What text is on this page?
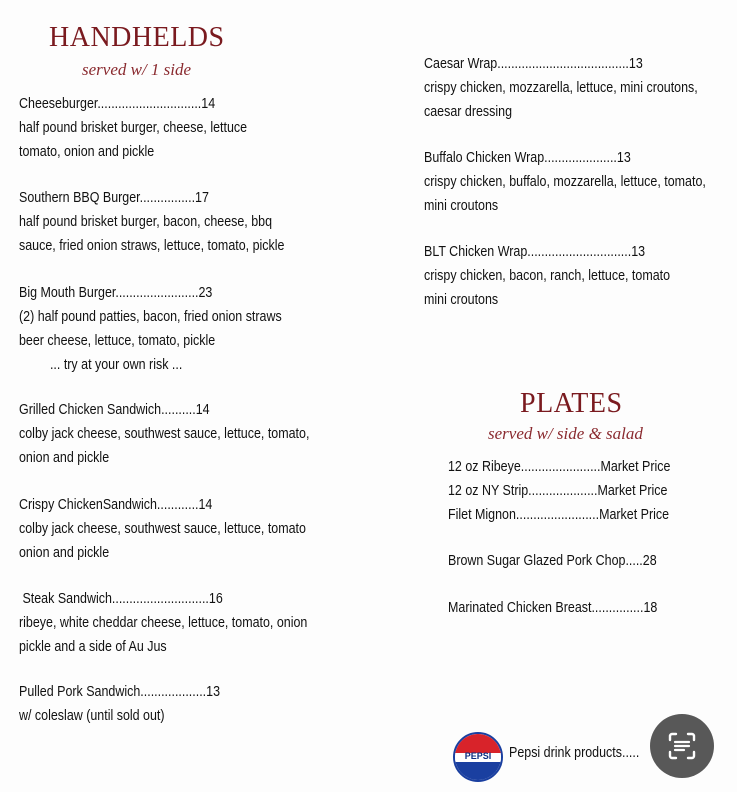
HANDHELDS
served w/ 1 side
Cheeseburger..............................14
half pound brisket burger, cheese, lettuce
tomato, onion and pickle
Southern BBQ Burger................17
half pound brisket burger, bacon, cheese, bbq
sauce, fried onion straws, lettuce, tomato, pickle
Big Mouth Burger........................23
(2) half pound patties, bacon, fried onion straws
beer cheese, lettuce, tomato, pickle
... try at your own risk ...
Grilled Chicken Sandwich..........14
colby jack cheese, southwest sauce, lettuce, tomato,
onion and pickle
Crispy ChickenSandwich............14
colby jack cheese, southwest sauce, lettuce, tomato
onion and pickle
Steak Sandwich............................16
ribeye, white cheddar cheese, lettuce, tomato, onion
pickle and a side of Au Jus
Pulled Pork Sandwich...................13
w/ coleslaw (until sold out)
Caesar Wrap......................................13
crispy chicken, mozzarella, lettuce, mini croutons,
caesar dressing
Buffalo Chicken Wrap.....................13
crispy chicken, buffalo, mozzarella, lettuce, tomato,
mini croutons
BLT Chicken Wrap..............................13
crispy chicken, bacon, ranch, lettuce, tomato
mini croutons
PLATES
served w/ side & salad
12 oz Ribeye.......................Market Price
12 oz NY Strip....................Market Price
Filet Mignon........................Market Price
Brown Sugar Glazed Pork Chop.....28
Marinated Chicken Breast...............18
PEPSI	Pepsi drink products.....
